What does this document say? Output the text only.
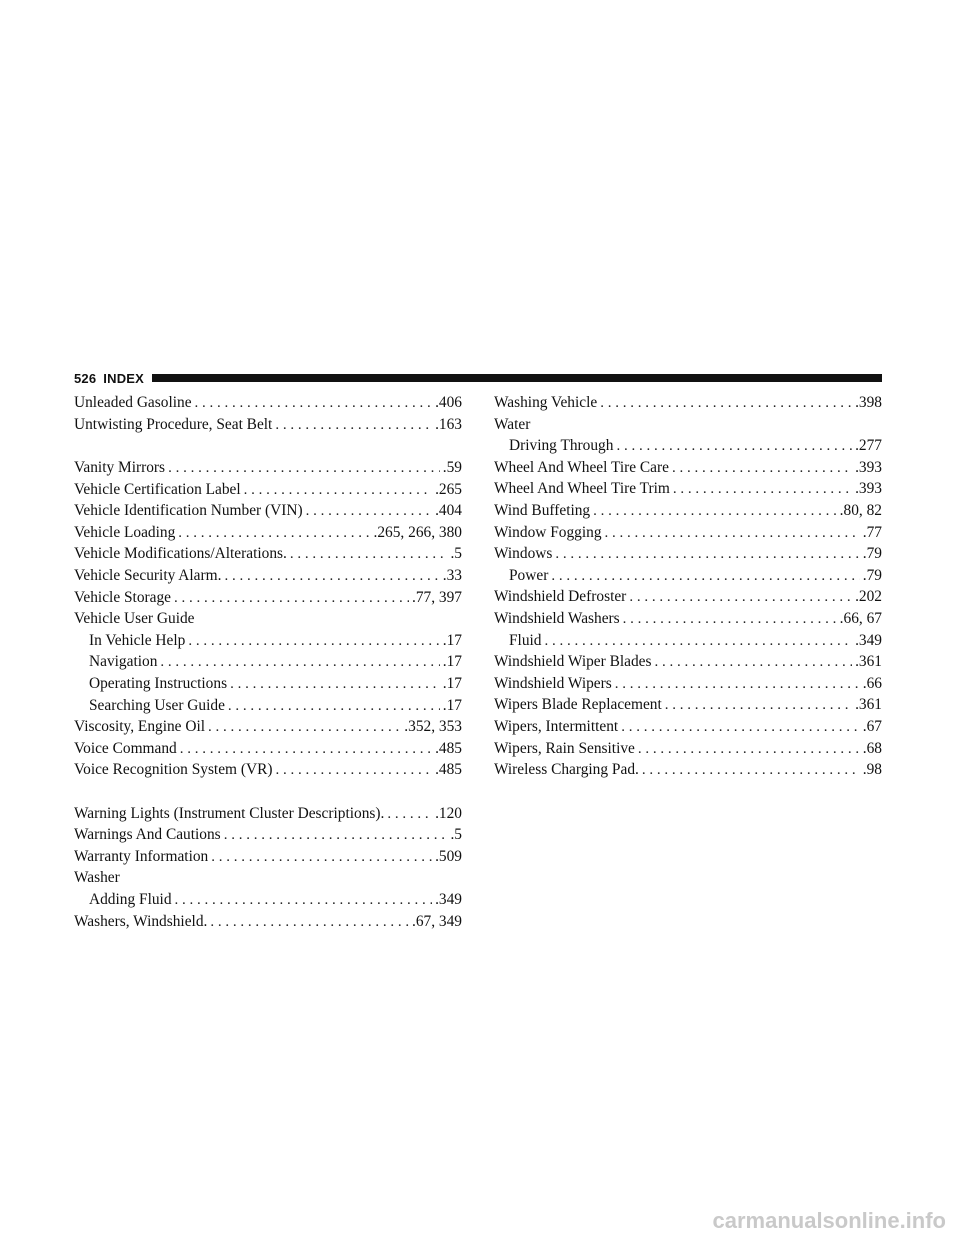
526 INDEX
Unleaded Gasoline . . .	.406
Untwisting Procedure, Seat Belt . . .	.163
Vanity Mirrors . . .	.59
Vehicle Certification Label . . .	.265
Vehicle Identification Number (VIN) . . .	.404
Vehicle Loading . . .	.265, 266, 380
Vehicle Modifications/Alterations. . . .	.5
Vehicle Security Alarm. . . .	.33
Vehicle Storage . . .	.77, 397
Vehicle User Guide
In Vehicle Help . . .	.17
Navigation . . .	.17
Operating Instructions . . .	.17
Searching User Guide . . .	.17
Viscosity, Engine Oil . . .	.352, 353
Voice Command . . .	.485
Voice Recognition System (VR) . . .	.485
Warning Lights (Instrument Cluster Descriptions). . . .	.120
Warnings And Cautions . . .	.5
Warranty Information . . .	.509
Washer
Adding Fluid . . .	.349
Washers, Windshield. . . .	.67, 349
Washing Vehicle . . .	.398
Water
Driving Through . . .	.277
Wheel And Wheel Tire Care . . .	.393
Wheel And Wheel Tire Trim . . .	.393
Wind Buffeting . . .	.80, 82
Window Fogging . . .	.77
Windows . . .	.79
Power . . .	.79
Windshield Defroster . . .	.202
Windshield Washers . . .	.66, 67
Fluid . . .	.349
Windshield Wiper Blades . . .	.361
Windshield Wipers . . .	.66
Wipers Blade Replacement . . .	.361
Wipers, Intermittent . . .	.67
Wipers, Rain Sensitive . . .	.68
Wireless Charging Pad. . . .	.98
carmanualsonline.info
